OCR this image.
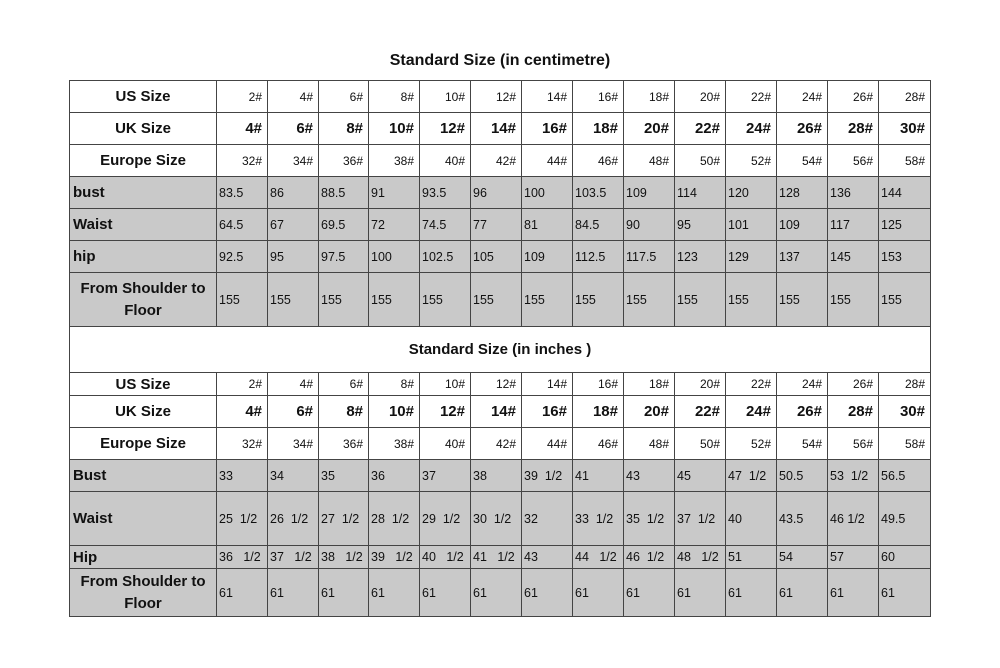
Standard Size (in centimetre)
US Size	2#	4#	6#	8#	10#	12#	14#	16#	18#	20#	22#	24#	26#	28#
UK Size	4#	6#	8#	10#	12#	14#	16#	18#	20#	22#	24#	26#	28#	30#
Europe Size	32#	34#	36#	38#	40#	42#	44#	46#	48#	50#	52#	54#	56#	58#
bust	83.5	86	88.5	91	93.5	96	100	103.5	109	114	120	128	136	144
Waist	64.5	67	69.5	72	74.5	77	81	84.5	90	95	101	109	117	125
hip	92.5	95	97.5	100	102.5	105	109	112.5	117.5	123	129	137	145	153
From Shoulder to Floor	155	155	155	155	155	155	155	155	155	155	155	155	155	155
Standard Size (in inches )														
US Size	2#	4#	6#	8#	10#	12#	14#	16#	18#	20#	22#	24#	26#	28#
UK Size	4#	6#	8#	10#	12#	14#	16#	18#	20#	22#	24#	26#	28#	30#
Europe Size	32#	34#	36#	38#	40#	42#	44#	46#	48#	50#	52#	54#	56#	58#
Bust	33	34	35	36	37	38	39  1/2	41	43	45	47  1/2	50.5	53  1/2	56.5
Waist	25  1/2	26  1/2	27  1/2	28  1/2	29  1/2	30  1/2	32	33  1/2	35  1/2	37  1/2	40	43.5	46 1/2	49.5
Hip	36   1/2	37   1/2	38   1/2	39   1/2	40   1/2	41   1/2	43	44   1/2	46  1/2	48   1/2	51	54	57	60
From Shoulder to Floor	61	61	61	61	61	61	61	61	61	61	61	61	61	61
